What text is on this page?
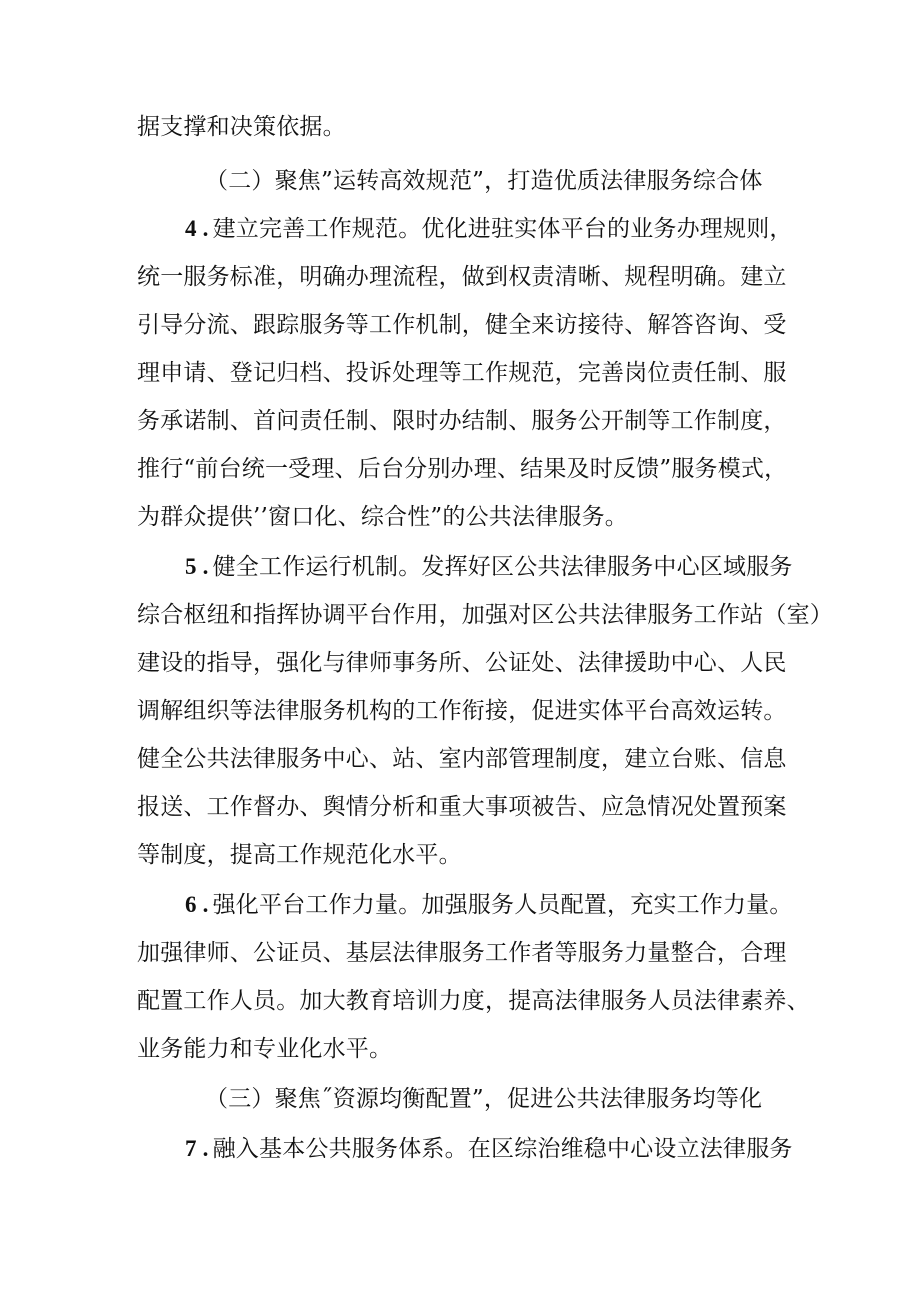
据支撑和决策依据。
（二）聚焦”运转高效规范”，打造优质法律服务综合体
4 . 建立完善工作规范。优化进驻实体平台的业务办理规则，
统一服务标准，明确办理流程，做到权责清晰、规程明确。建立
引导分流、跟踪服务等工作机制，健全来访接待、解答咨询、受
理申请、登记归档、投诉处理等工作规范，完善岗位责任制、服
务承诺制、首问责任制、限时办结制、服务公开制等工作制度，
推行“前台统一受理、后台分别办理、结果及时反馈”服务模式，
为群众提供’’窗口化、综合性”的公共法律服务。
5 . 健全工作运行机制。发挥好区公共法律服务中心区域服务
综合枢纽和指挥协调平台作用，加强对区公共法律服务工作站（室）
建设的指导，强化与律师事务所、公证处、法律援助中心、人民
调解组织等法律服务机构的工作衔接，促进实体平台高效运转。
健全公共法律服务中心、站、室内部管理制度，建立台账、信息
报送、工作督办、舆情分析和重大事项被告、应急情况处置预案
等制度，提高工作规范化水平。
6 . 强化平台工作力量。加强服务人员配置，充实工作力量。
加强律师、公证员、基层法律服务工作者等服务力量整合，合理
配置工作人员。加大教育培训力度，提高法律服务人员法律素养、
业务能力和专业化水平。
（三）聚焦˝资源均衡配置”，促进公共法律服务均等化
7 . 融入基本公共服务体系。在区综治维稳中心设立法律服务
